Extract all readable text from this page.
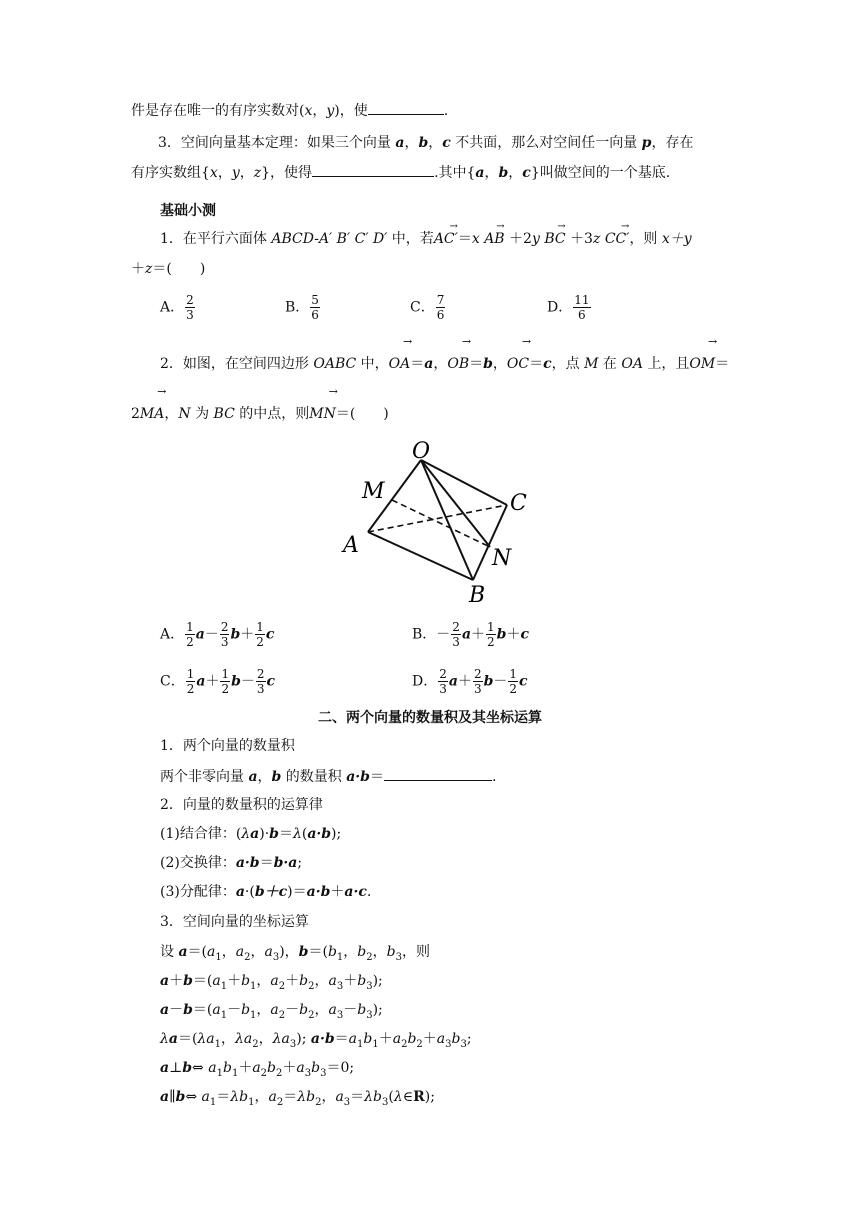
件是存在唯一的有序实数对(x，y)，使	.
3．空间向量基本定理：如果三个向量 a，b，c 不共面，那么对空间任一向量 p，存在
有序实数组{x，y，z}，使得	.其中{a，b，c}叫做空间的一个基底.
基础小测
1．在平行六面体 ABCD-A′ B′ C′ D′ 中，若→ AC′＝x → AB ＋2y → BC ＋3z → CC′，则 x＋y
＋z＝(　　)
A． $\frac{2}{3}$	B． $\frac{5}{6}$	C． $\frac{7}{6}$	D． $\frac{11}{6}$
2．如图，在空间四边形 OABC 中，→ OA＝a，→ OB＝b，→ OC＝c，点 M 在 OA 上，且→ OM＝
2→ MA，N 为 BC 的中点，则→ MN＝(　　)
O
M	C
A
N
B
A． $\frac{1}{2} a- \frac{2}{3} b+ \frac{1}{2}$ c	B．－ $\frac{2}{3} a+ \frac{1}{2} b+c$
C． $\frac{1}{2} a+ \frac{1}{2} b- \frac{2}{3}$ c	D． $\frac{2}{3} a+ \frac{2}{3} b- \frac{1}{2}$ c
二、两个向量的数量积及其坐标运算
1．两个向量的数量积
两个非零向量 a，b 的数量积 a·b＝	.
2．向量的数量积的运算律
(1)结合律：(λa)·b＝λ(a·b);
(2)交换律：a·b＝b·a;
(3)分配律：a·(b＋c)＝a·b＋a·c.
3．空间向量的坐标运算
设 $a=(a_1$，$a_2$，$a_3$)，$b=(b_1$，$b_2$，$b_3$，则
$a+b=(a_1+b_1$，$a_2+b_2$，$a_3+b_3$);
$a-b=(a_1-b_1$，$a_2-b_2$，$a_3-b_3$);
$\lambda a=(\lambda a_1$，$\lambda a_2$，$\lambda a_3$); $a\cdot b=a_1b_1+a_2b_2+a_3b_3$;
a⊥b⇔ $a_1b_1+a_2b_2+a_3b_3=0$;
a∥b⇔ $a_1=\lambda b_1$，$a_2=\lambda b_2$，$a_3=\lambda b_3(\lambda\in R)$;
